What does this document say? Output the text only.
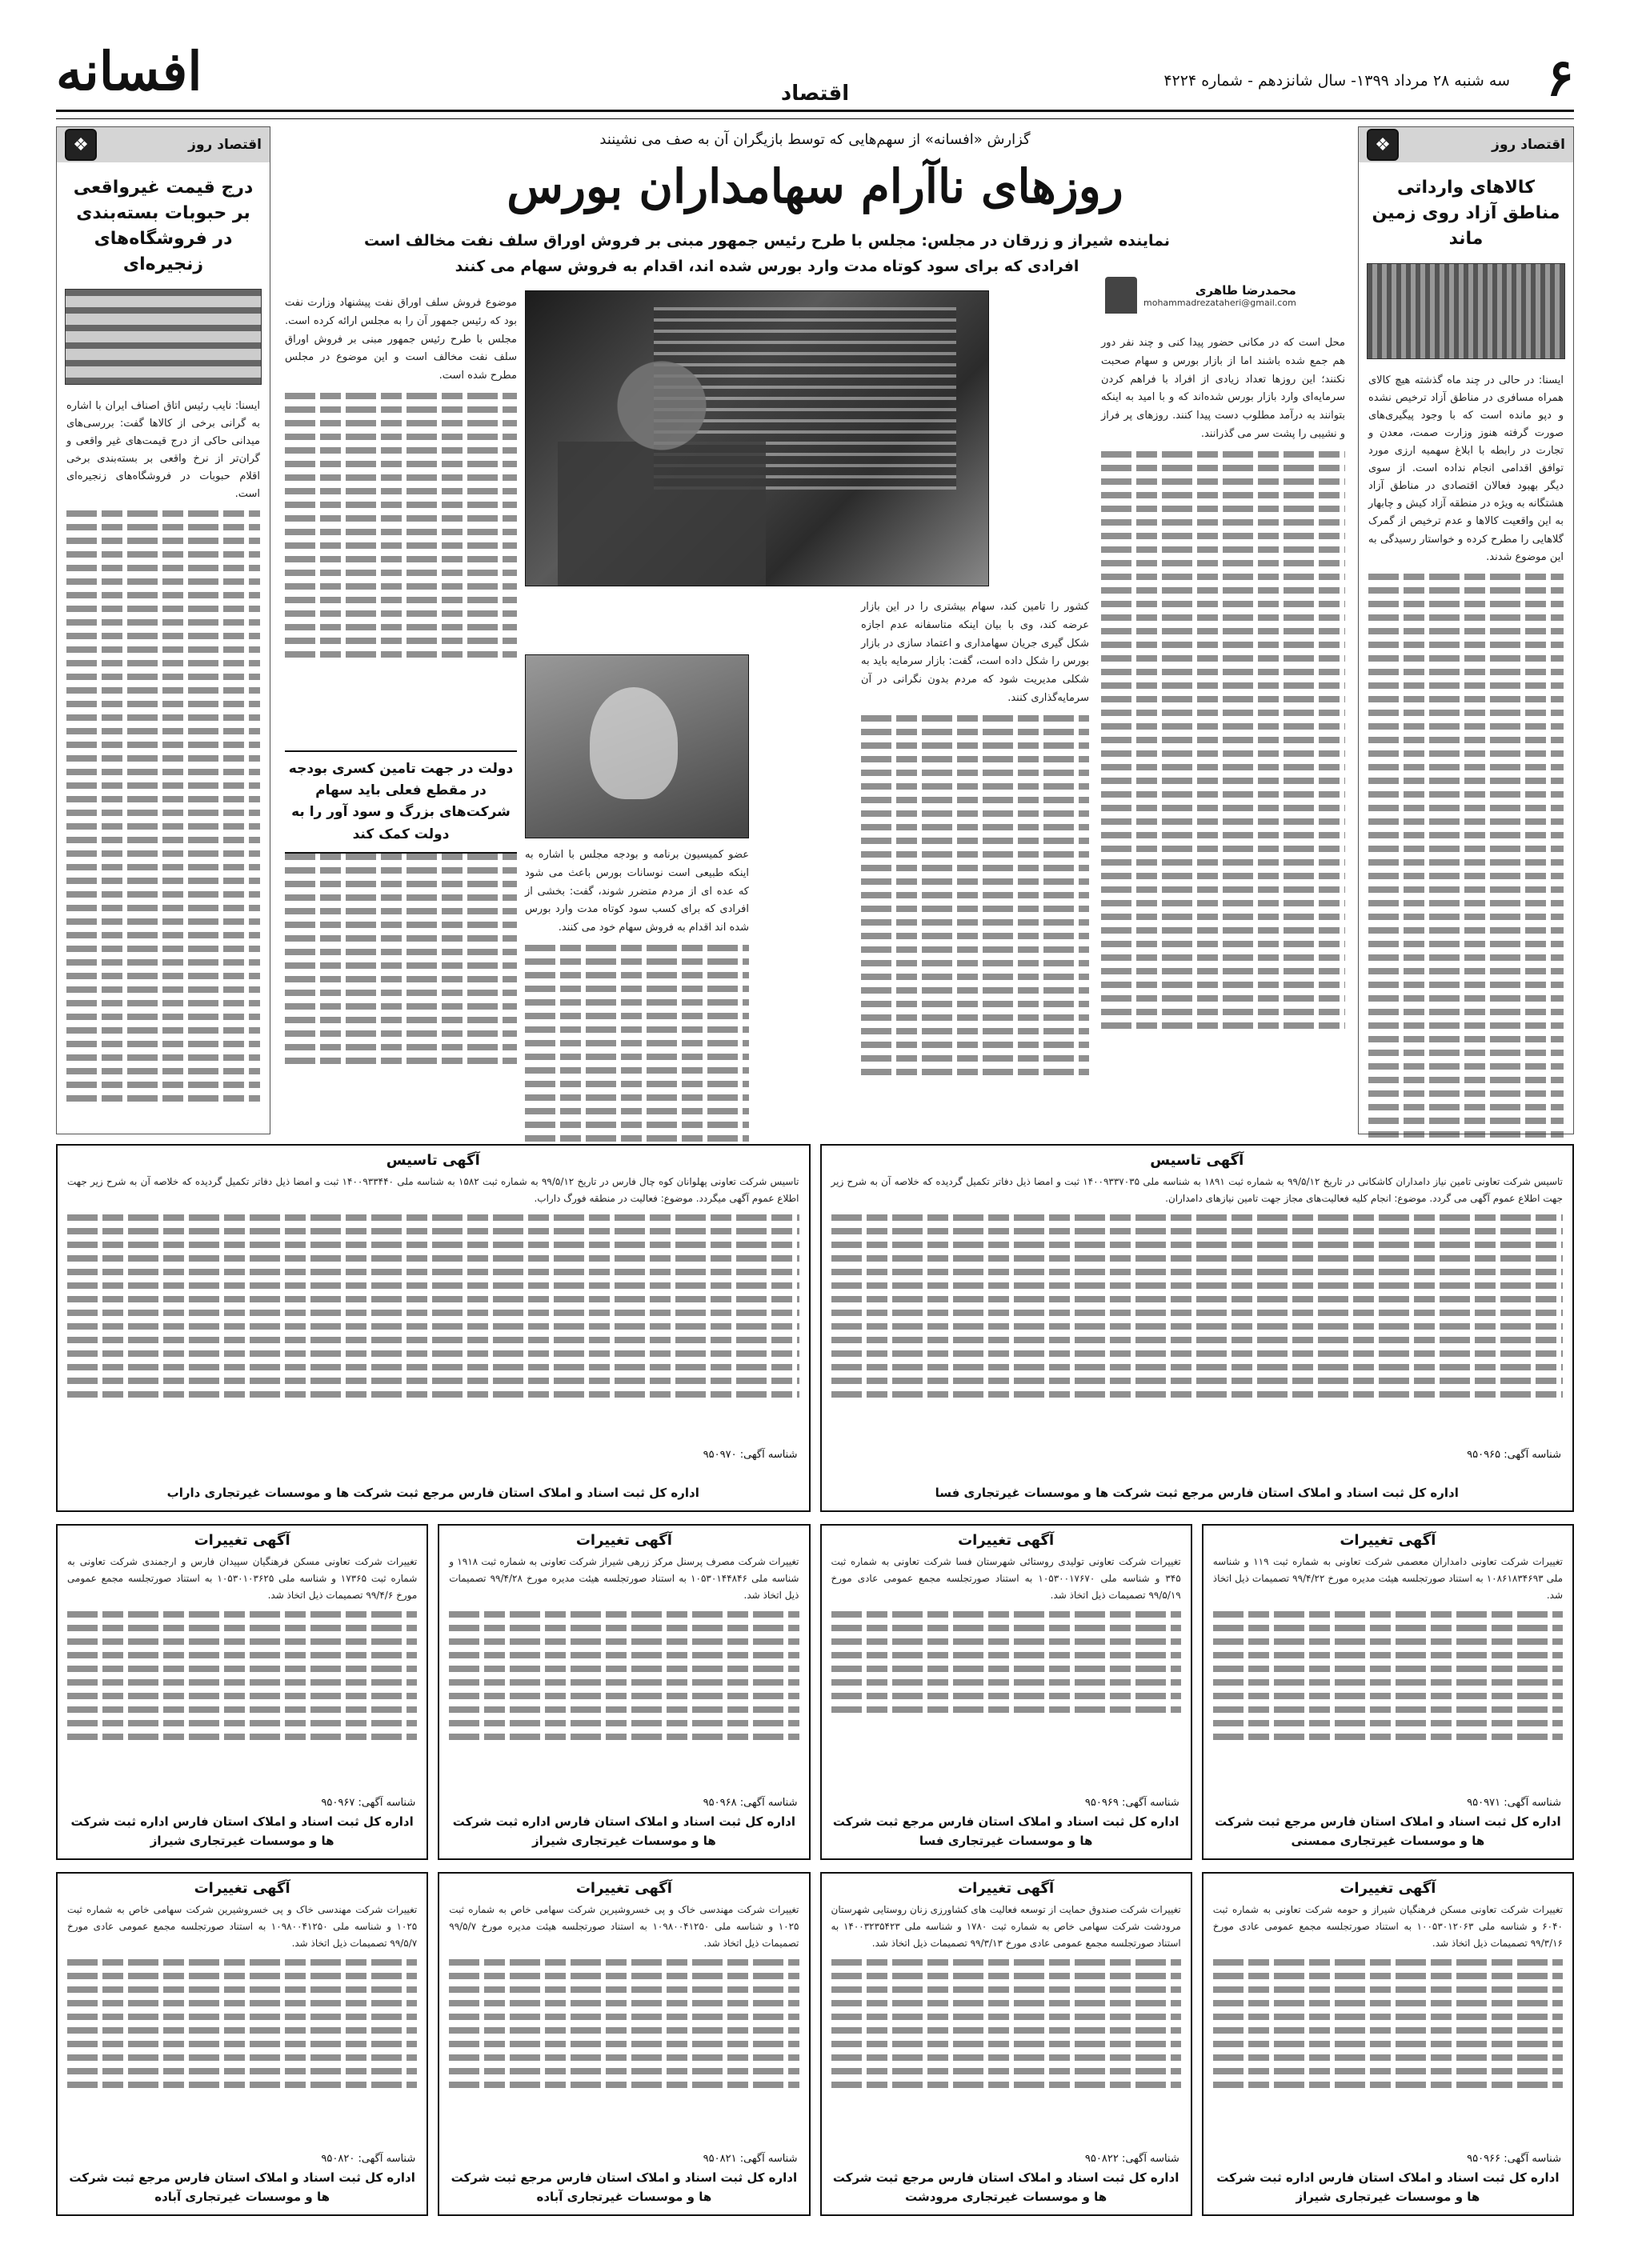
۶
سه شنبه ۲۸ مرداد ۱۳۹۹- سال شانزدهم - شماره ۴۲۲۴
افسانه	اقتصاد
اقتصاد روز
❖
کالاهای وارداتی مناطق آزاد روی زمین ماند

ایسنا: در حالی در چند ماه گذشته هیچ کالای همراه مسافری در مناطق آزاد ترخیص نشده و دپو مانده است که با وجود پیگیری‌های صورت گرفته هنوز وزارت صمت، معدن و تجارت در رابطه با ابلاغ سهمیه ارزی مورد توافق اقدامی انجام نداده است. از سوی دیگر بهبود فعالان اقتصادی در مناطق آزاد هشتگانه به ویژه در منطقه آزاد کیش و چابهار به این واقعیت کالاها و عدم ترخیص از گمرک گلاهایی را مطرح کرده و خواستار رسیدگی به این موضوع شدند.

اقتصاد روز
❖
درج قیمت غیرواقعی بر حبوبات بسته‌بندی در فروشگاه‌های زنجیره‌ای

ایسنا: نایب رئیس اتاق اصناف ایران با اشاره به گرانی برخی از کالاها گفت: بررسی‌های میدانی حاکی از درج قیمت‌های غیر واقعی و گران‌تر از نرخ واقعی بر بسته‌بندی برخی اقلام حبوبات در فروشگاه‌های زنجیره‌ای است.

گزارش «افسانه» از سهم‌هایی که توسط بازیگران آن به صف می نشینند
روزهای ناآرام سهامداران بورس
نماینده شیراز و زرقان در مجلس: مجلس با طرح رئیس جمهور مبنی بر فروش اوراق سلف نفت مخالف است
افرادی که برای سود کوتاه مدت وارد بورس شده اند، اقدام به فروش سهام می کنند
محمدرضا طاهری
mohammadrezataheri@gmail.com
دولت در جهت تامین کسری بودجه در مقطع فعلی باید سهام شرکت‌های بزرگ و سود آور را به دولت کمک کند

محل است که در مکانی حضور پیدا کنی و چند نفر دور هم جمع شده باشند اما از بازار بورس و سهام صحبت نکنند؛ این روزها تعداد زیادی از افراد با فراهم کردن سرمایه‌ای وارد بازار بورس شده‌اند که و با امید به اینکه بتوانند به درآمد مطلوب دست پیدا کنند. روزهای پر فراز و نشیبی را پشت سر می گذرانند.

کشور را تامین کند، سهام بیشتری را در این بازار عرضه کند، وی با بیان اینکه متاسفانه عدم اجازه شکل گیری جریان سهامداری و اعتماد سازی در بازار بورس را شکل داده است، گفت: بازار سرمایه باید به شکلی مدیریت شود که مردم بدون نگرانی در آن سرمایه‌گذاری کنند.

عضو کمیسیون برنامه و بودجه مجلس با اشاره به اینکه طبیعی است نوسانات بورس باعث می شود که عده ای از مردم متضرر شوند، گفت: بخشی از افرادی که برای کسب سود کوتاه مدت وارد بورس شده اند اقدام به فروش سهام خود می کنند.

موضوع فروش سلف اوراق نفت پیشنهاد وزارت نفت بود که رئیس جمهور آن را به مجلس ارائه کرده است. مجلس با طرح رئیس جمهور مبنی بر فروش اوراق سلف نفت مخالف است و این موضوع در مجلس مطرح شده است.

آگهی تاسیس

تاسیس شرکت تعاونی تامین نیاز دامداران کاشکانی در تاریخ ۹۹/۵/۱۲ به شماره ثبت ۱۸۹۱ به شناسه ملی ۱۴۰۰۹۳۳۷۰۳۵ ثبت و امضا ذیل دفاتر تکمیل گردیده که خلاصه آن به شرح زیر جهت اطلاع عموم آگهی می گردد. موضوع: انجام کلیه فعالیت‌های مجاز جهت تامین نیازهای دامداران.

شناسه آگهی: ۹۵۰۹۶۵
اداره کل ثبت اسناد و املاک استان فارس مرجع ثبت شرکت ها و موسسات غیرتجاری فسا
آگهی تاسیس

تاسیس شرکت تعاونی پهلوانان کوه چال فارس در تاریخ ۹۹/۵/۱۲ به شماره ثبت ۱۵۸۲ به شناسه ملی ۱۴۰۰۹۳۳۴۴۰ ثبت و امضا ذیل دفاتر تکمیل گردیده که خلاصه آن به شرح زیر جهت اطلاع عموم آگهی میگردد. موضوع: فعالیت در منطقه فورگ داراب.

شناسه آگهی: ۹۵۰۹۷۰
اداره کل ثبت اسناد و املاک استان فارس مرجع ثبت شرکت ها و موسسات غیرتجاری داراب
آگهی تغییرات

تغییرات شرکت تعاونی دامداران معصمی شرکت تعاونی به شماره ثبت ۱۱۹ و شناسه ملی ۱۰۸۶۱۸۳۴۶۹۳ به استناد صورتجلسه هیئت مدیره مورخ ۹۹/۴/۲۲ تصمیمات ذیل اتخاذ شد.

شناسه آگهی: ۹۵۰۹۷۱
اداره کل ثبت اسناد و املاک استان فارس مرجع ثبت شرکت ها و موسسات غیرتجاری ممسنی
آگهی تغییرات

تغییرات شرکت تعاونی تولیدی روستائی شهرستان فسا شرکت تعاونی به شماره ثبت ۳۴۵ و شناسه ملی ۱۰۵۳۰۰۱۷۶۷۰ به استناد صورتجلسه مجمع عمومی عادی مورخ ۹۹/۵/۱۹ تصمیمات ذیل اتخاذ شد.

شناسه آگهی: ۹۵۰۹۶۹
اداره کل ثبت اسناد و املاک استان فارس مرجع ثبت شرکت ها و موسسات غیرتجاری فسا
آگهی تغییرات

تغییرات شرکت مصرف پرسنل مرکز زرهی شیراز شرکت تعاونی به شماره ثبت ۱۹۱۸ و شناسه ملی ۱۰۵۳۰۱۴۴۸۴۶ به استناد صورتجلسه هیئت مدیره مورخ ۹۹/۴/۲۸ تصمیمات ذیل اتخاذ شد.

شناسه آگهی: ۹۵۰۹۶۸
اداره کل ثبت اسناد و املاک استان فارس اداره ثبت شرکت ها و موسسات غیرتجاری شیراز
آگهی تغییرات

تغییرات شرکت تعاونی مسکن فرهنگیان سپیدان فارس و ارجمندی شرکت تعاونی به شماره ثبت ۱۷۳۶۵ و شناسه ملی ۱۰۵۳۰۱۰۳۶۲۵ به استناد صورتجلسه مجمع عمومی مورخ ۹۹/۴/۶ تصمیمات ذیل اتخاذ شد.

شناسه آگهی: ۹۵۰۹۶۷
اداره کل ثبت اسناد و املاک استان فارس اداره ثبت شرکت ها و موسسات غیرتجاری شیراز
آگهی تغییرات

تغییرات شرکت تعاونی مسکن فرهنگیان شیراز و حومه شرکت تعاونی به شماره ثبت ۶۰۴۰ و شناسه ملی ۱۰۰۵۳۰۱۲۰۶۳ به استناد صورتجلسه مجمع عمومی عادی مورخ ۹۹/۳/۱۶ تصمیمات ذیل اتخاذ شد.

شناسه آگهی: ۹۵۰۹۶۶
اداره کل ثبت اسناد و املاک استان فارس اداره ثبت شرکت ها و موسسات غیرتجاری شیراز
آگهی تغییرات

تغییرات شرکت صندوق حمایت از توسعه فعالیت های کشاورزی زنان روستایی شهرستان مرودشت شرکت سهامی خاص به شماره ثبت ۱۷۸۰ و شناسه ملی ۱۴۰۰۳۲۳۵۴۲۳ به استناد صورتجلسه مجمع عمومی عادی مورخ ۹۹/۳/۱۳ تصمیمات ذیل اتخاذ شد.

شناسه آگهی: ۹۵۰۸۲۲
اداره کل ثبت اسناد و املاک استان فارس مرجع ثبت شرکت ها و موسسات غیرتجاری مرودشت
آگهی تغییرات

تغییرات شرکت مهندسی خاک و پی خسروشیرین شرکت سهامی خاص به شماره ثبت ۱۰۲۵ و شناسه ملی ۱۰۹۸۰۰۴۱۲۵۰ به استناد صورتجلسه هیئت مدیره مورخ ۹۹/۵/۷ تصمیمات ذیل اتخاذ شد.

شناسه آگهی: ۹۵۰۸۲۱
اداره کل ثبت اسناد و املاک استان فارس مرجع ثبت شرکت ها و موسسات غیرتجاری آباده
آگهی تغییرات

تغییرات شرکت مهندسی خاک و پی خسروشیرین شرکت سهامی خاص به شماره ثبت ۱۰۲۵ و شناسه ملی ۱۰۹۸۰۰۴۱۲۵۰ به استناد صورتجلسه مجمع عمومی عادی مورخ ۹۹/۵/۷ تصمیمات ذیل اتخاذ شد.

شناسه آگهی: ۹۵۰۸۲۰
اداره کل ثبت اسناد و املاک استان فارس مرجع ثبت شرکت ها و موسسات غیرتجاری آباده
